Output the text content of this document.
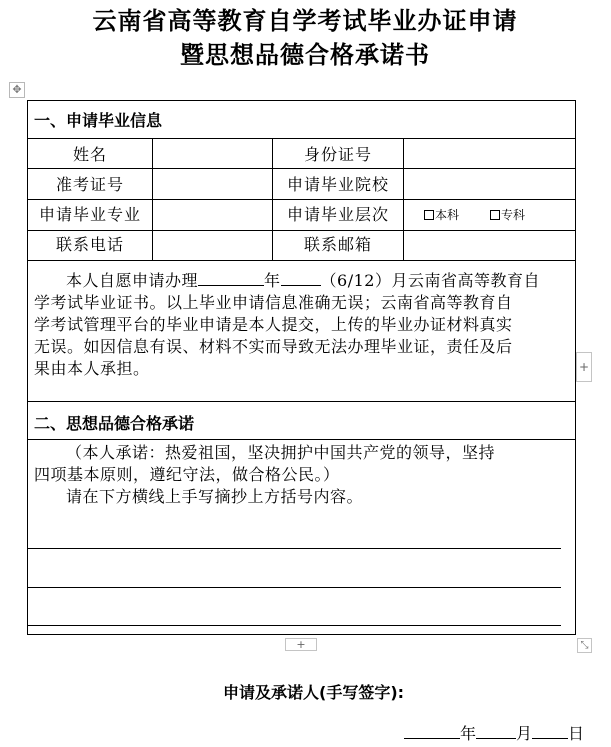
云南省高等教育自学考试毕业办证申请
暨思想品德合格承诺书
✥
一、申请毕业信息
姓名	身份证号
准考证号	申请毕业院校
申请毕业专业	申请毕业层次	本科	专科
联系电话	联系邮箱
本人自愿申请办理	年	（6/12）月云南省高等教育自
学考试毕业证书。以上毕业申请信息准确无误；云南省高等教育自
学考试管理平台的毕业申请是本人提交，上传的毕业办证材料真实
无误。如因信息有误、材料不实而导致无法办理毕业证，责任及后
果由本人承担。
二、思想品德合格承诺
（本人承诺：热爱祖国，坚决拥护中国共产党的领导，坚持
四项基本原则，遵纪守法，做合格公民。）
请在下方横线上手写摘抄上方括号内容。
+
+	⤡
申请及承诺人(手写签字):
年	月 日
